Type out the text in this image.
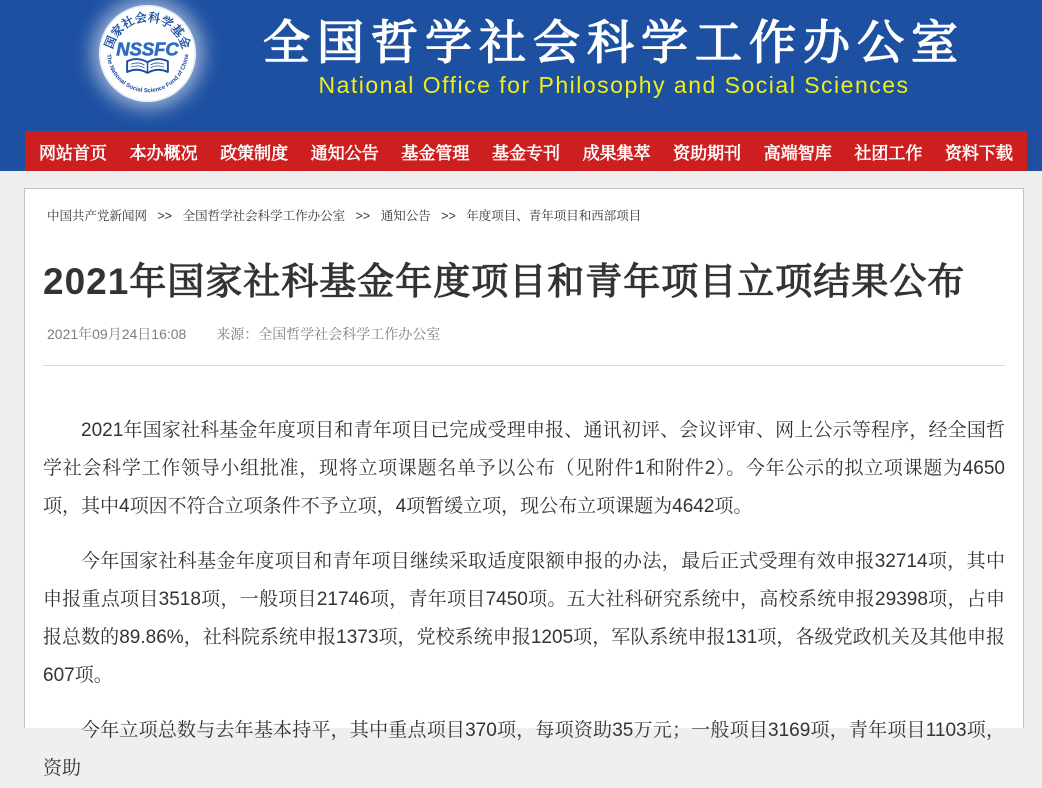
国家社会科学基金
NSSFC
The National Social Science Fund of China	全国哲学社会科学工作办公室
National Office for Philosophy and Social Sciences
网站首页 本办概况 政策制度 通知公告 基金管理 基金专刊 成果集萃 资助期刊 高端智库 社团工作 资料下载
中国共产党新闻网 >> 全国哲学社会科学工作办公室 >> 通知公告 >> 年度项目、青年项目和西部项目
2021年国家社科基金年度项目和青年项目立项结果公布
2021年09月24日16:08 来源：全国哲学社会科学工作办公室

2021年国家社科基金年度项目和青年项目已完成受理申报、通讯初评、会议评审、网上公示等程序，经全国哲学社会科学工作领导小组批准，现将立项课题名单予以公布（见附件1和附件2）。今年公示的拟立项课题为4650项，其中4项因不符合立项条件不予立项，4项暂缓立项，现公布立项课题为4642项。

今年国家社科基金年度项目和青年项目继续采取适度限额申报的办法，最后正式受理有效申报32714项，其中申报重点项目3518项，一般项目21746项，青年项目7450项。五大社科研究系统中，高校系统申报29398项，占申报总数的89.86%，社科院系统申报1373项，党校系统申报1205项，军队系统申报131项，各级党政机关及其他申报607项。

今年立项总数与去年基本持平，其中重点项目370项，每项资助35万元；一般项目3169项，青年项目1103项，资助
